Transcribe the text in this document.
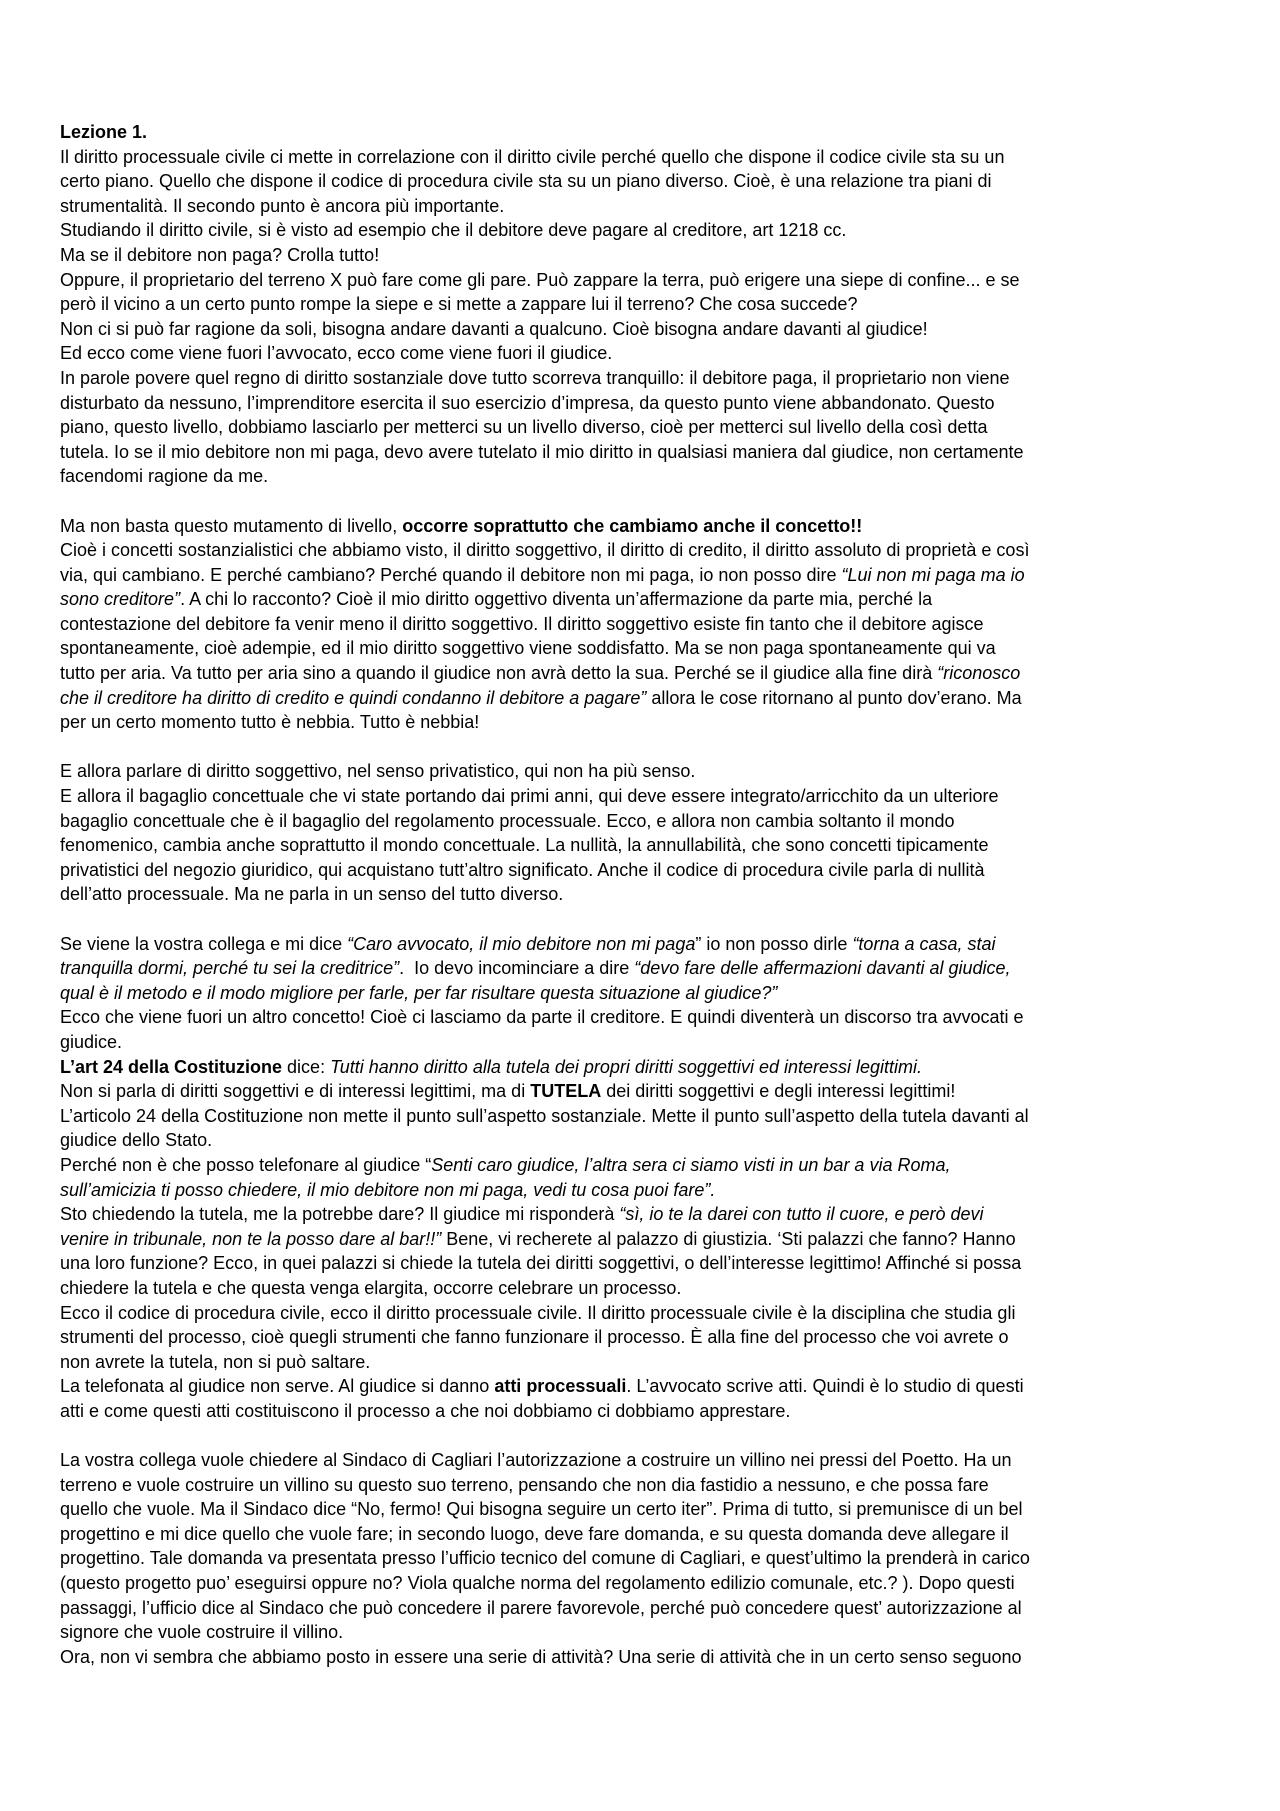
Lezione 1.
Il diritto processuale civile ci mette in correlazione con il diritto civile perché quello che dispone il codice civile sta su un
certo piano. Quello che dispone il codice di procedura civile sta su un piano diverso. Cioè, è una relazione tra piani di
strumentalità. Il secondo punto è ancora più importante.
Studiando il diritto civile, si è visto ad esempio che il debitore deve pagare al creditore, art 1218 cc.
Ma se il debitore non paga? Crolla tutto!
Oppure, il proprietario del terreno X può fare come gli pare. Può zappare la terra, può erigere una siepe di confine... e se
però il vicino a un certo punto rompe la siepe e si mette a zappare lui il terreno? Che cosa succede?
Non ci si può far ragione da soli, bisogna andare davanti a qualcuno. Cioè bisogna andare davanti al giudice!
Ed ecco come viene fuori l’avvocato, ecco come viene fuori il giudice.
In parole povere quel regno di diritto sostanziale dove tutto scorreva tranquillo: il debitore paga, il proprietario non viene
disturbato da nessuno, l’imprenditore esercita il suo esercizio d’impresa, da questo punto viene abbandonato. Questo
piano, questo livello, dobbiamo lasciarlo per metterci su un livello diverso, cioè per metterci sul livello della così detta
tutela. Io se il mio debitore non mi paga, devo avere tutelato il mio diritto in qualsiasi maniera dal giudice, non certamente
facendomi ragione da me.
Ma non basta questo mutamento di livello, occorre soprattutto che cambiamo anche il concetto!!
Cioè i concetti sostanzialistici che abbiamo visto, il diritto soggettivo, il diritto di credito, il diritto assoluto di proprietà e così
via, qui cambiano. E perché cambiano? Perché quando il debitore non mi paga, io non posso dire “Lui non mi paga ma io
sono creditore”. A chi lo racconto? Cioè il mio diritto oggettivo diventa un’affermazione da parte mia, perché la
contestazione del debitore fa venir meno il diritto soggettivo. Il diritto soggettivo esiste fin tanto che il debitore agisce
spontaneamente, cioè adempie, ed il mio diritto soggettivo viene soddisfatto. Ma se non paga spontaneamente qui va
tutto per aria. Va tutto per aria sino a quando il giudice non avrà detto la sua. Perché se il giudice alla fine dirà “riconosco
che il creditore ha diritto di credito e quindi condanno il debitore a pagare” allora le cose ritornano al punto dov’erano. Ma
per un certo momento tutto è nebbia. Tutto è nebbia!
E allora parlare di diritto soggettivo, nel senso privatistico, qui non ha più senso.
E allora il bagaglio concettuale che vi state portando dai primi anni, qui deve essere integrato/arricchito da un ulteriore
bagaglio concettuale che è il bagaglio del regolamento processuale. Ecco, e allora non cambia soltanto il mondo
fenomenico, cambia anche soprattutto il mondo concettuale. La nullità, la annullabilità, che sono concetti tipicamente
privatistici del negozio giuridico, qui acquistano tutt’altro significato. Anche il codice di procedura civile parla di nullità
dell’atto processuale. Ma ne parla in un senso del tutto diverso.
Se viene la vostra collega e mi dice “Caro avvocato, il mio debitore non mi paga” io non posso dirle “torna a casa, stai
tranquilla dormi, perché tu sei la creditrice”.  Io devo incominciare a dire “devo fare delle affermazioni davanti al giudice,
qual è il metodo e il modo migliore per farle, per far risultare questa situazione al giudice?”
Ecco che viene fuori un altro concetto! Cioè ci lasciamo da parte il creditore. E quindi diventerà un discorso tra avvocati e
giudice.
L’art 24 della Costituzione dice: Tutti hanno diritto alla tutela dei propri diritti soggettivi ed interessi legittimi.
Non si parla di diritti soggettivi e di interessi legittimi, ma di TUTELA dei diritti soggettivi e degli interessi legittimi!
L’articolo 24 della Costituzione non mette il punto sull’aspetto sostanziale. Mette il punto sull’aspetto della tutela davanti al
giudice dello Stato.
Perché non è che posso telefonare al giudice “Senti caro giudice, l’altra sera ci siamo visti in un bar a via Roma,
sull’amicizia ti posso chiedere, il mio debitore non mi paga, vedi tu cosa puoi fare”.
Sto chiedendo la tutela, me la potrebbe dare? Il giudice mi risponderà “sì, io te la darei con tutto il cuore, e però devi
venire in tribunale, non te la posso dare al bar!!” Bene, vi recherete al palazzo di giustizia. ‘Sti palazzi che fanno? Hanno
una loro funzione? Ecco, in quei palazzi si chiede la tutela dei diritti soggettivi, o dell’interesse legittimo! Affinché si possa
chiedere la tutela e che questa venga elargita, occorre celebrare un processo.
Ecco il codice di procedura civile, ecco il diritto processuale civile. Il diritto processuale civile è la disciplina che studia gli
strumenti del processo, cioè quegli strumenti che fanno funzionare il processo. È alla fine del processo che voi avrete o
non avrete la tutela, non si può saltare.
La telefonata al giudice non serve. Al giudice si danno atti processuali. L’avvocato scrive atti. Quindi è lo studio di questi
atti e come questi atti costituiscono il processo a che noi dobbiamo ci dobbiamo apprestare.
La vostra collega vuole chiedere al Sindaco di Cagliari l’autorizzazione a costruire un villino nei pressi del Poetto. Ha un
terreno e vuole costruire un villino su questo suo terreno, pensando che non dia fastidio a nessuno, e che possa fare
quello che vuole. Ma il Sindaco dice “No, fermo! Qui bisogna seguire un certo iter”. Prima di tutto, si premunisce di un bel
progettino e mi dice quello che vuole fare; in secondo luogo, deve fare domanda, e su questa domanda deve allegare il
progettino. Tale domanda va presentata presso l’ufficio tecnico del comune di Cagliari, e quest’ultimo la prenderà in carico
(questo progetto puo’ eseguirsi oppure no? Viola qualche norma del regolamento edilizio comunale, etc.? ). Dopo questi
passaggi, l’ufficio dice al Sindaco che può concedere il parere favorevole, perché può concedere quest’ autorizzazione al
signore che vuole costruire il villino.
Ora, non vi sembra che abbiamo posto in essere una serie di attività? Una serie di attività che in un certo senso seguono
